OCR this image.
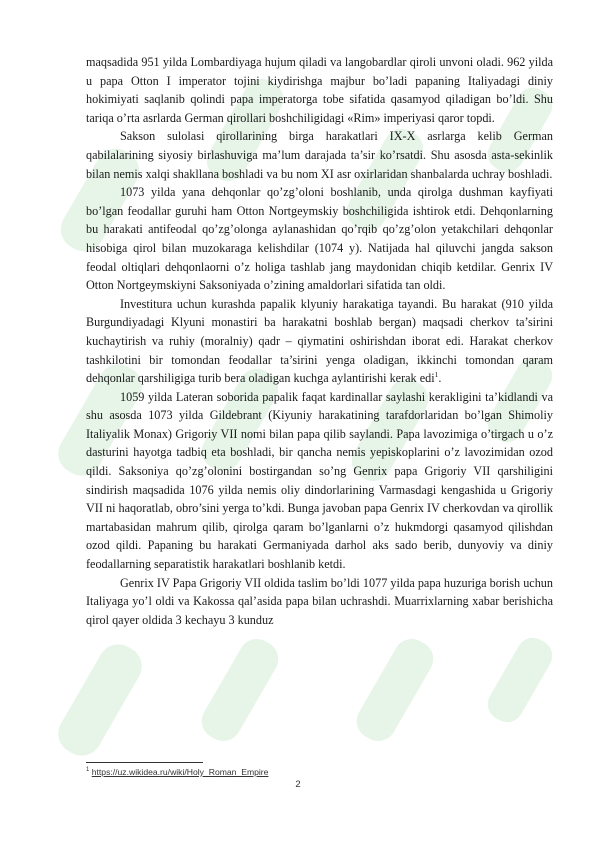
maqsadida 951 yilda Lombardiyaga hujum qiladi va langobardlar qiroli unvoni oladi. 962 yilda u papa Otton I imperator tojini kiydirishga majbur bo’ladi papaning Italiyadagi diniy hokimiyati saqlanib qolindi papa imperatorga tobe sifatida qasamyod qiladigan bo’ldi. Shu tariqa o’rta asrlarda German qirollari boshchiligidagi «Rim» imperiyasi qaror topdi.

Sakson sulolasi qirollarining birga harakatlari IX-X asrlarga kelib German qabilalarining siyosiy birlashuviga ma’lum darajada ta’sir ko’rsatdi. Shu asosda asta-sekinlik bilan nemis xalqi shakllana boshladi va bu nom XI asr oxirlaridan shanbalarda uchray boshladi.

1073 yilda yana dehqonlar qo’zg’oloni boshlanib, unda qirolga dushman kayfiyati bo’lgan feodallar guruhi ham Otton Nortgeymskiy boshchiligida ishtirok etdi. Dehqonlarning bu harakati antifeodal qo’zg’olonga aylanashidan qo’rqib qo’zg’olon yetakchilari dehqonlar hisobiga qirol bilan muzokaraga kelishdilar (1074 y). Natijada hal qiluvchi jangda sakson feodal oltiqlari dehqonlaorni o’z holiga tashlab jang maydonidan chiqib ketdilar. Genrix IV Otton Nortgeymskiyni Saksoniyada o’zining amaldorlari sifatida tan oldi.

Investitura uchun kurashda papalik klyuniy harakatiga tayandi. Bu harakat (910 yilda Burgundiyadagi Klyuni monastiri ba harakatni boshlab bergan) maqsadi cherkov ta’sirini kuchaytirish va ruhiy (moralniy) qadr – qiymatini oshirishdan iborat edi. Harakat cherkov tashkilotini bir tomondan feodallar ta’sirini yenga oladigan, ikkinchi tomondan qaram dehqonlar qarshiligiga turib bera oladigan kuchga aylantirishi kerak edi$^1$.

1059 yilda Lateran soborida papalik faqat kardinallar saylashi kerakligini ta’kidlandi va shu asosda 1073 yilda Gildebrant (Kiyuniy harakatining tarafdorlaridan bo’lgan Shimoliy Italiyalik Monax) Grigoriy VII nomi bilan papa qilib saylandi. Papa lavozimiga o’tirgach u o’z dasturini hayotga tadbiq eta boshladi, bir qancha nemis yepiskoplarini o’z lavozimidan ozod qildi. Saksoniya qo’zg’olonini bostirgandan so’ng Genrix papa Grigoriy VII qarshiligini sindirish maqsadida 1076 yilda nemis oliy dindorlarining Varmasdagi kengashida u Grigoriy VII ni haqoratlab, obro’sini yerga to’kdi. Bunga javoban papa Genrix IV cherkovdan va qirollik martabasidan mahrum qilib, qirolga qaram bo’lganlarni o’z hukmdorgi qasamyod qilishdan ozod qildi. Papaning bu harakati Germaniyada darhol aks sado berib, dunyoviy va diniy feodallarning separatistik harakatlari boshlanib ketdi.

Genrix IV Papa Grigoriy VII oldida taslim bo’ldi 1077 yilda papa huzuriga borish uchun Italiyaga yo’l oldi va Kakossa qal’asida papa bilan uchrashdi. Muarrixlarning xabar berishicha qirol qayer oldida 3 kechayu 3 kunduz

$^1$ https://uz.wikidea.ru/wiki/Holy_Roman_Empire
2
